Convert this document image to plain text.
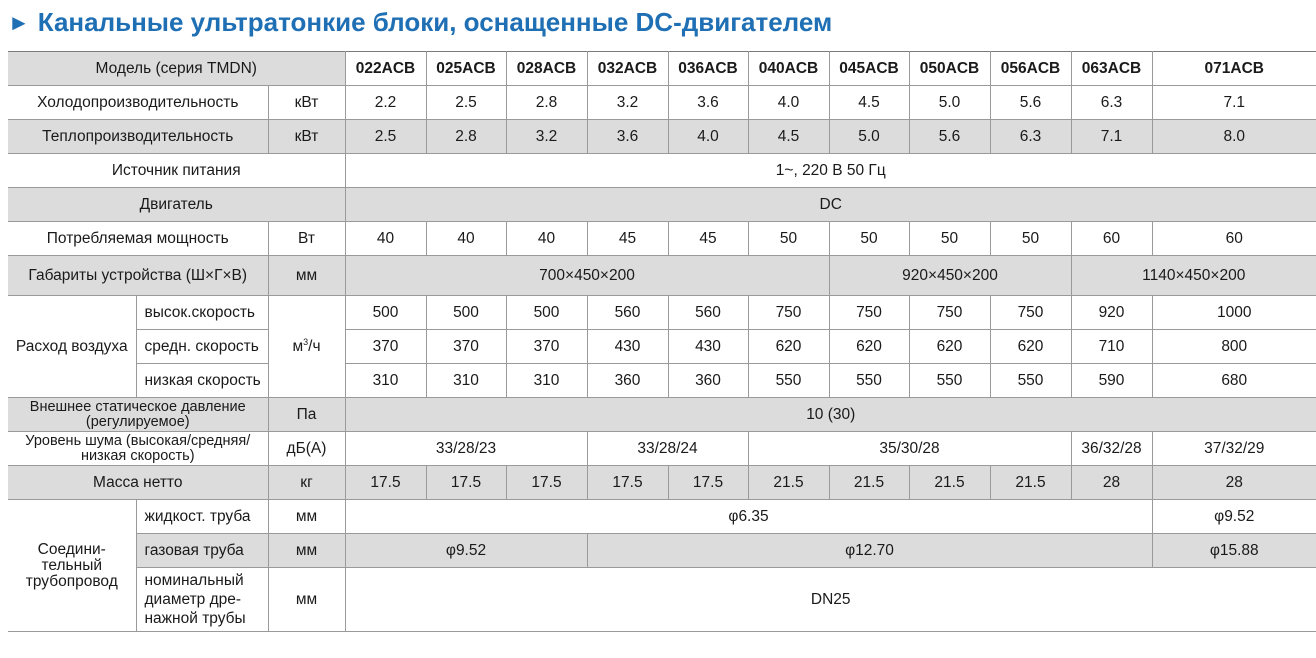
► Канальные ультратонкие блоки, оснащенные DC-двигателем
Модель (серия TMDN)			022ACB	025ACB	028ACB	032ACB	036ACB	040ACB	045ACB	050ACB	056ACB	063ACB	071ACB
Холодопроизводительность		кВт	2.2	2.5	2.8	3.2	3.6	4.0	4.5	5.0	5.6	6.3	7.1
Теплопроизводительность		кВт	2.5	2.8	3.2	3.6	4.0	4.5	5.0	5.6	6.3	7.1	8.0
Источник питания			1~, 220 В 50 Гц										
Двигатель			DC										
Потребляемая мощность		Вт	40	40	40	45	45	50	50	50	50	60	60
Габариты устройства (Ш×Г×В)		мм	700×450×200						920×450×200			1140×450×200	
Расход воздуха	высок.скорость	$м^3/ч$	500	500	500	560	560	750	750	750	750	920	1000
	средн. скорость		370	370	370	430	430	620	620	620	620	710	800
	низкая скорость		310	310	310	360	360	550	550	550	550	590	680
Внешнее статическое давление (регулируемое)		Па	10 (30)										
Уровень шума (высокая/средняя/низкая скорость)		дБ(А)	33/28/23			33/28/24		35/30/28				36/32/28	37/32/29
Масса нетто		кг	17.5	17.5	17.5	17.5	17.5	21.5	21.5	21.5	21.5	28	28
Соедини-тельный трубопровод	жидкост. труба	мм	φ6.35										φ9.52
	газовая труба	мм	φ9.52			φ12.70							φ15.88
	номинальный диаметр дре-нажной трубы	мм	DN25										
